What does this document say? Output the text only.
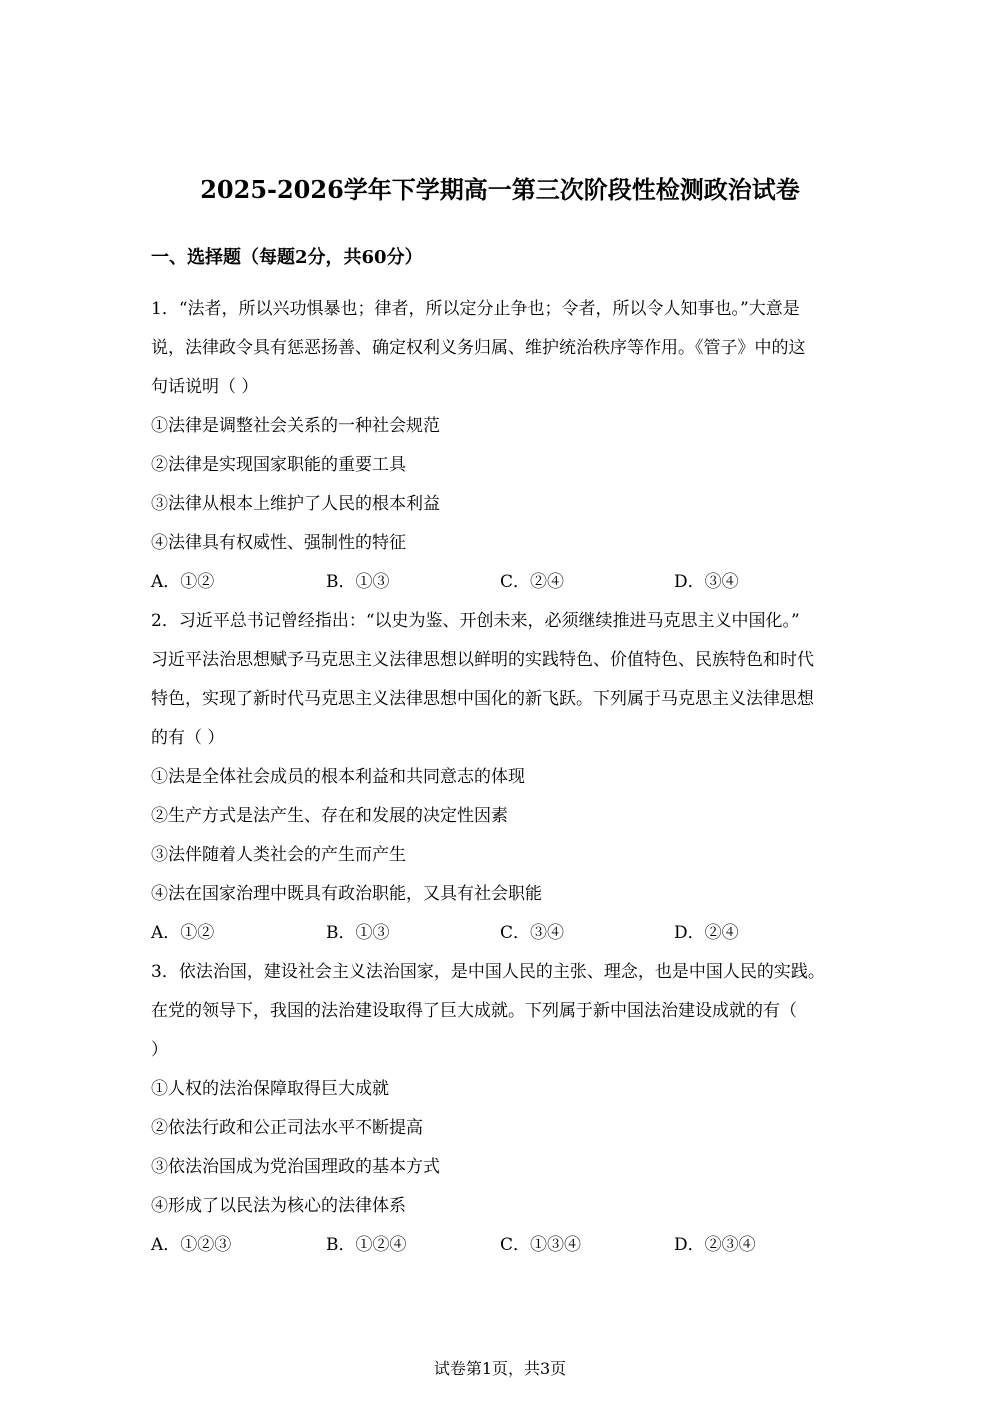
2025-2026学年下学期高一第三次阶段性检测政治试卷
一、选择题（每题2分，共60分）
1．“法者，所以兴功惧暴也；律者，所以定分止争也；令者，所以令人知事也。”大意是
说，法律政令具有惩恶扬善、确定权利义务归属、维护统治秩序等作用。《管子》中的这
句话说明（ ）
①法律是调整社会关系的一种社会规范
②法律是实现国家职能的重要工具
③法律从根本上维护了人民的根本利益
④法律具有权威性、强制性的特征
A．①②	B．①③	C．②④	D．③④
2．习近平总书记曾经指出：“以史为鉴、开创未来，必须继续推进马克思主义中国化。”
习近平法治思想赋予马克思主义法律思想以鲜明的实践特色、价值特色、民族特色和时代
特色，实现了新时代马克思主义法律思想中国化的新飞跃。下列属于马克思主义法律思想
的有（ ）
①法是全体社会成员的根本利益和共同意志的体现
②生产方式是法产生、存在和发展的决定性因素
③法伴随着人类社会的产生而产生
④法在国家治理中既具有政治职能，又具有社会职能
A．①②	B．①③	C．③④	D．②④
3．依法治国，建设社会主义法治国家，是中国人民的主张、理念，也是中国人民的实践。
在党的领导下，我国的法治建设取得了巨大成就。下列属于新中国法治建设成就的有（
）
①人权的法治保障取得巨大成就
②依法行政和公正司法水平不断提高
③依法治国成为党治国理政的基本方式
④形成了以民法为核心的法律体系
A．①②③	B．①②④	C．①③④	D．②③④
试卷第1页，共3页
